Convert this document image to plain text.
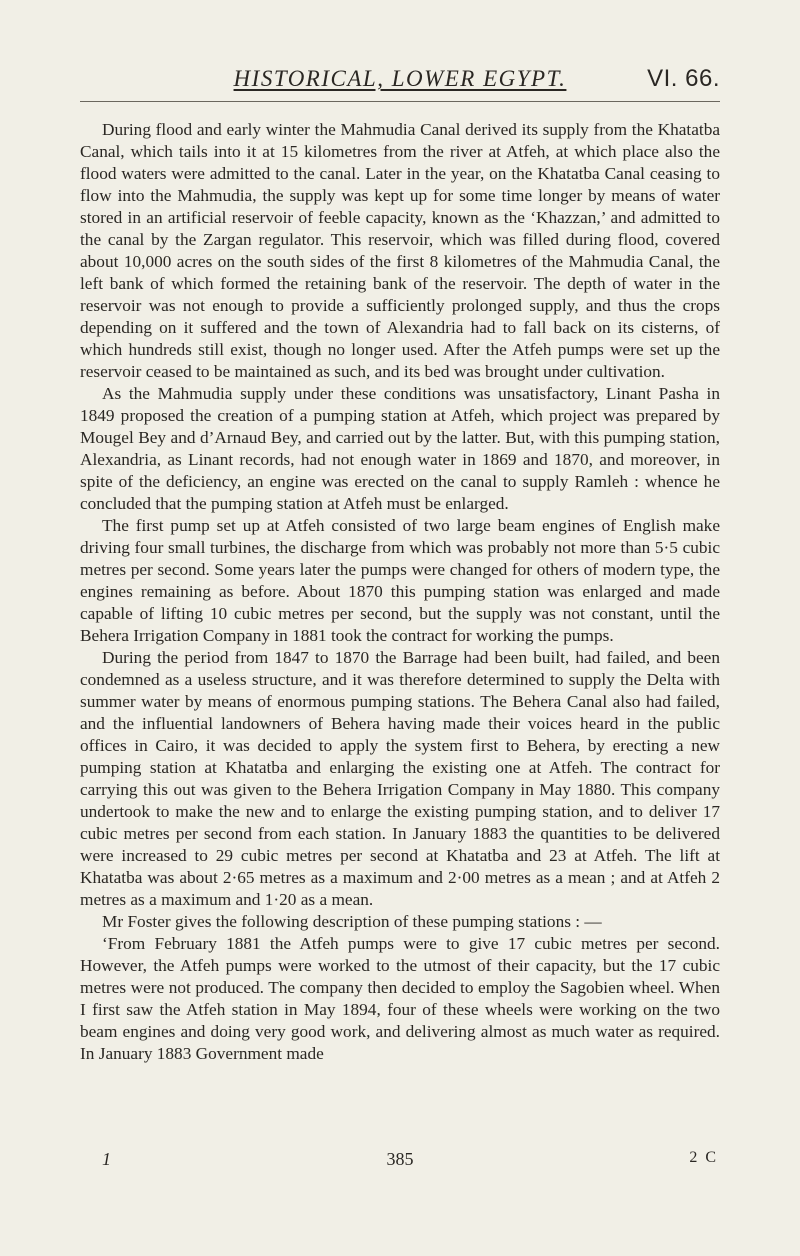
HISTORICAL, LOWER EGYPT.	VI. 66.

During flood and early winter the Mahmudia Canal derived its supply from the Khatatba Canal, which tails into it at 15 kilometres from the river at Atfeh, at which place also the flood waters were admitted to the canal. Later in the year, on the Khatatba Canal ceasing to flow into the Mahmudia, the supply was kept up for some time longer by means of water stored in an artificial reservoir of feeble capacity, known as the ‘Khazzan,’ and admitted to the canal by the Zargan regulator. This reservoir, which was filled during flood, covered about 10,000 acres on the south sides of the first 8 kilometres of the Mahmudia Canal, the left bank of which formed the retaining bank of the reservoir. The depth of water in the reservoir was not enough to provide a sufficiently prolonged supply, and thus the crops depending on it suffered and the town of Alexandria had to fall back on its cisterns, of which hundreds still exist, though no longer used. After the Atfeh pumps were set up the reservoir ceased to be maintained as such, and its bed was brought under cultivation.

As the Mahmudia supply under these conditions was unsatisfactory, Linant Pasha in 1849 proposed the creation of a pumping station at Atfeh, which project was prepared by Mougel Bey and d’Arnaud Bey, and carried out by the latter. But, with this pumping station, Alexandria, as Linant records, had not enough water in 1869 and 1870, and moreover, in spite of the deficiency, an engine was erected on the canal to supply Ramleh : whence he concluded that the pumping station at Atfeh must be enlarged.

The first pump set up at Atfeh consisted of two large beam engines of English make driving four small turbines, the discharge from which was probably not more than 5·5 cubic metres per second. Some years later the pumps were changed for others of modern type, the engines remaining as before. About 1870 this pumping station was enlarged and made capable of lifting 10 cubic metres per second, but the supply was not constant, until the Behera Irrigation Company in 1881 took the contract for working the pumps.

During the period from 1847 to 1870 the Barrage had been built, had failed, and been condemned as a useless structure, and it was therefore determined to supply the Delta with summer water by means of enormous pumping stations. The Behera Canal also had failed, and the influential landowners of Behera having made their voices heard in the public offices in Cairo, it was decided to apply the system first to Behera, by erecting a new pumping station at Khatatba and enlarging the existing one at Atfeh. The contract for carrying this out was given to the Behera Irrigation Company in May 1880. This company undertook to make the new and to enlarge the existing pumping station, and to deliver 17 cubic metres per second from each station. In January 1883 the quantities to be delivered were increased to 29 cubic metres per second at Khatatba and 23 at Atfeh. The lift at Khatatba was about 2·65 metres as a maximum and 2·00 metres as a mean ; and at Atfeh 2 metres as a maximum and 1·20 as a mean.

Mr Foster gives the following description of these pumping stations : —

‘From February 1881 the Atfeh pumps were to give 17 cubic metres per second. However, the Atfeh pumps were worked to the utmost of their capacity, but the 17 cubic metres were not produced. The company then decided to employ the Sagobien wheel. When I first saw the Atfeh station in May 1894, four of these wheels were working on the two beam engines and doing very good work, and delivering almost as much water as required. In January 1883 Government made

1	385	2 C
